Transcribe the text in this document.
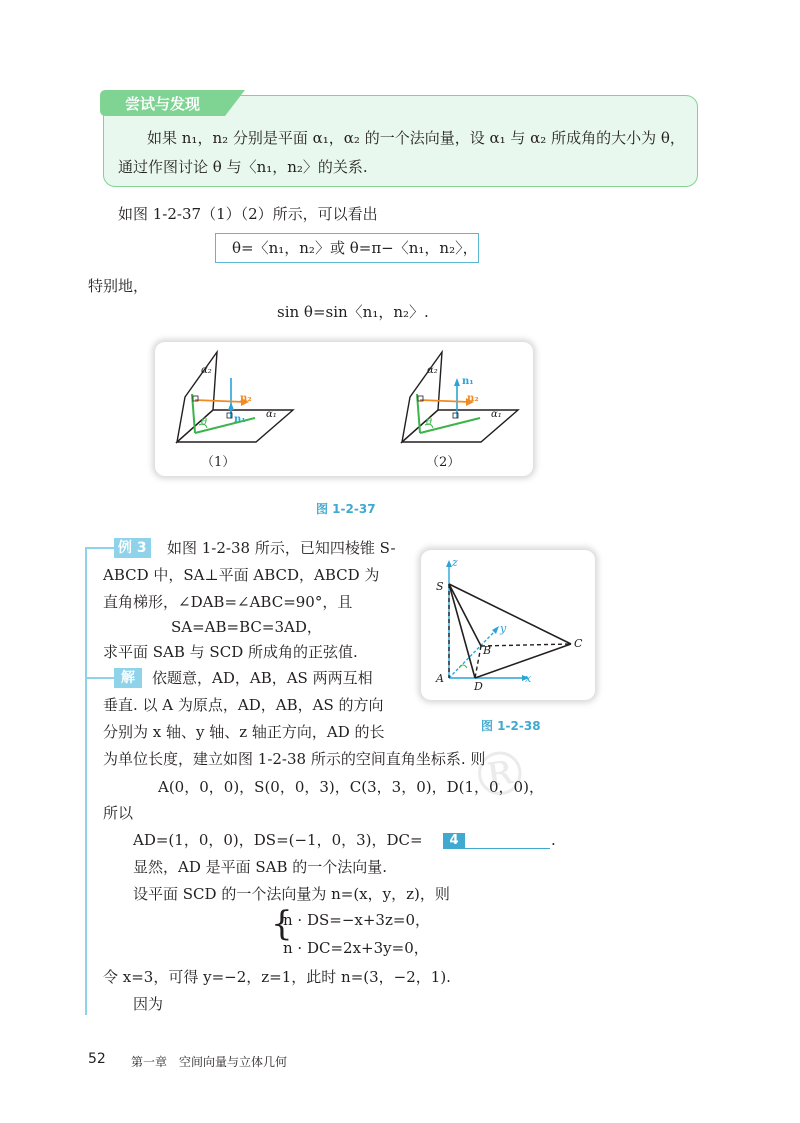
尝试与发现
如果 n₁，n₂ 分别是平面 α₁，α₂ 的一个法向量，设 α₁ 与 α₂ 所成角的大小为 θ，
通过作图讨论 θ 与〈n₁，n₂〉的关系.
如图 1-2-37（1）（2）所示，可以看出
θ=〈n₁，n₂〉或 θ=π−〈n₁，n₂〉，
特别地，
sin θ=sin〈n₁，n₂〉.
α₂
α₁
n₂
n₁
θ
（1）
α₂
α₁
n₁
n₂
θ
（2）
图 1-2-37
例 3 如图 1-2-38 所示，已知四棱锥 S-
ABCD 中，SA⊥平面 ABCD，ABCD 为
直角梯形，∠DAB=∠ABC=90°，且
SA=AB=BC=3AD，
求平面 SAB 与 SCD 所成角的正弦值.
S
A
B
C
D
x
y
z
图 1-2-38
®
解	依题意，AD，AB，AS 两两互相
垂直. 以 A 为原点，AD，AB，AS 的方向
分别为 x 轴、y 轴、z 轴正方向，AD 的长
为单位长度，建立如图 1-2-38 所示的空间直角坐标系. 则
A(0，0，0)，S(0，0，3)，C(3，3，0)，D(1，0，0)，
所以
AD=(1，0，0)，DS=(−1，0，3)，DC=	4	.
显然，AD 是平面 SAB 的一个法向量.
设平面 SCD 的一个法向量为 n=(x，y，z)，则
{
n · DS=−x+3z=0，
n · DC=2x+3y=0，
令 x=3，可得 y=−2，z=1，此时 n=(3，−2，1).
因为
52 第一章　空间向量与立体几何
